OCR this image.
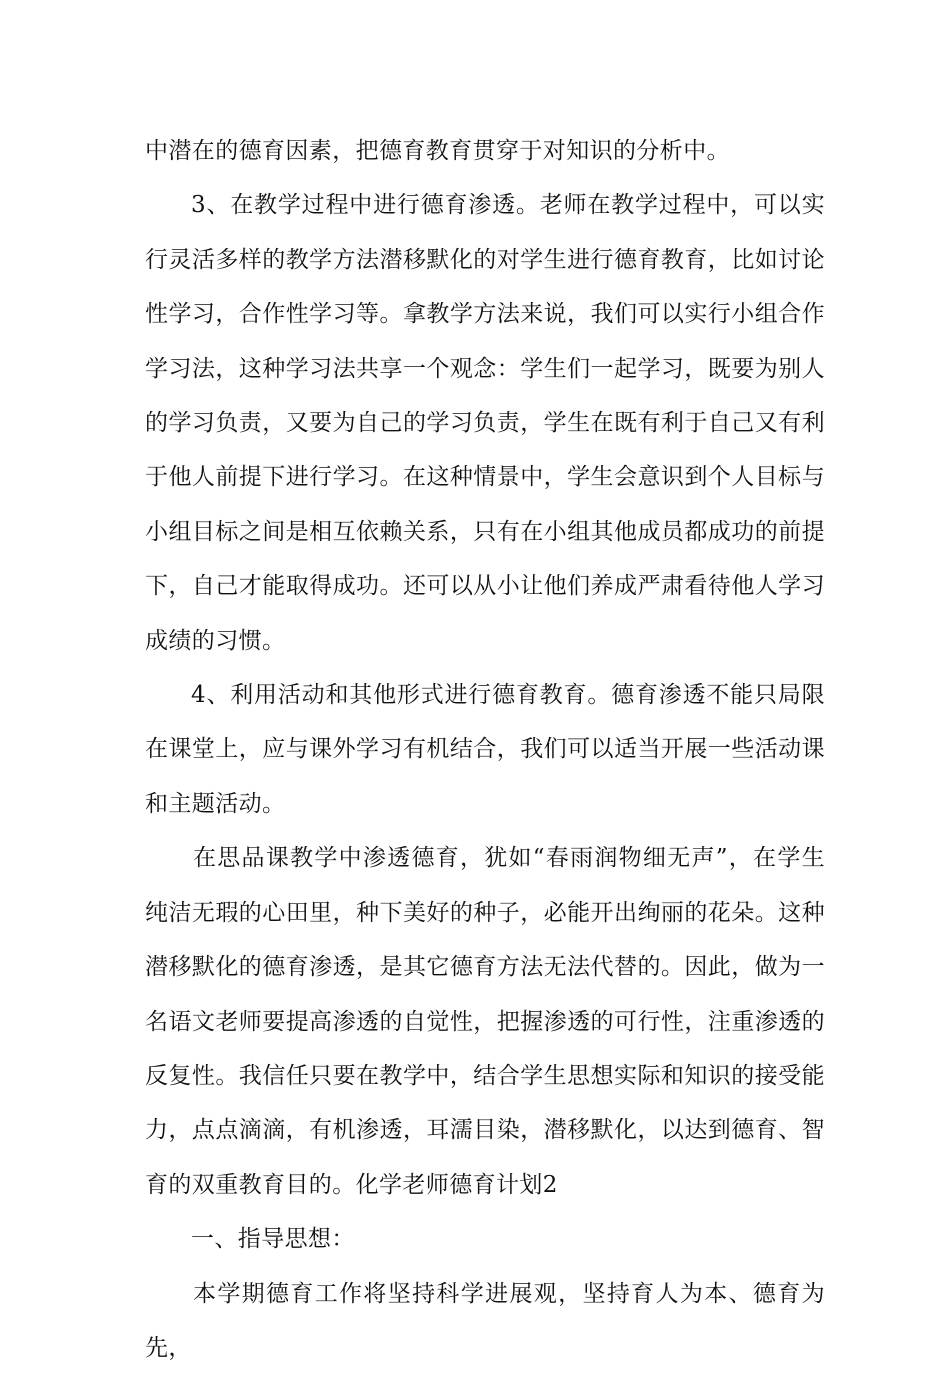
中潜在的德育因素，把德育教育贯穿于对知识的分析中。

3、在教学过程中进行德育渗透。老师在教学过程中，可以实行灵活多样的教学方法潜移默化的对学生进行德育教育，比如讨论性学习，合作性学习等。拿教学方法来说，我们可以实行小组合作学习法，这种学习法共享一个观念：学生们一起学习，既要为别人的学习负责，又要为自己的学习负责，学生在既有利于自己又有利于他人前提下进行学习。在这种情景中，学生会意识到个人目标与小组目标之间是相互依赖关系，只有在小组其他成员都成功的前提下，自己才能取得成功。还可以从小让他们养成严肃看待他人学习成绩的习惯。

4、利用活动和其他形式进行德育教育。德育渗透不能只局限在课堂上，应与课外学习有机结合，我们可以适当开展一些活动课和主题活动。

在思品课教学中渗透德育，犹如“春雨润物细无声”，在学生纯洁无瑕的心田里，种下美好的种子，必能开出绚丽的花朵。这种潜移默化的德育渗透，是其它德育方法无法代替的。因此，做为一名语文老师要提高渗透的自觉性，把握渗透的可行性，注重渗透的反复性。我信任只要在教学中，结合学生思想实际和知识的接受能力，点点滴滴，有机渗透，耳濡目染，潜移默化，以达到德育、智育的双重教育目的。化学老师德育计划2

一、指导思想：

本学期德育工作将坚持科学进展观，坚持育人为本、德育为先，
